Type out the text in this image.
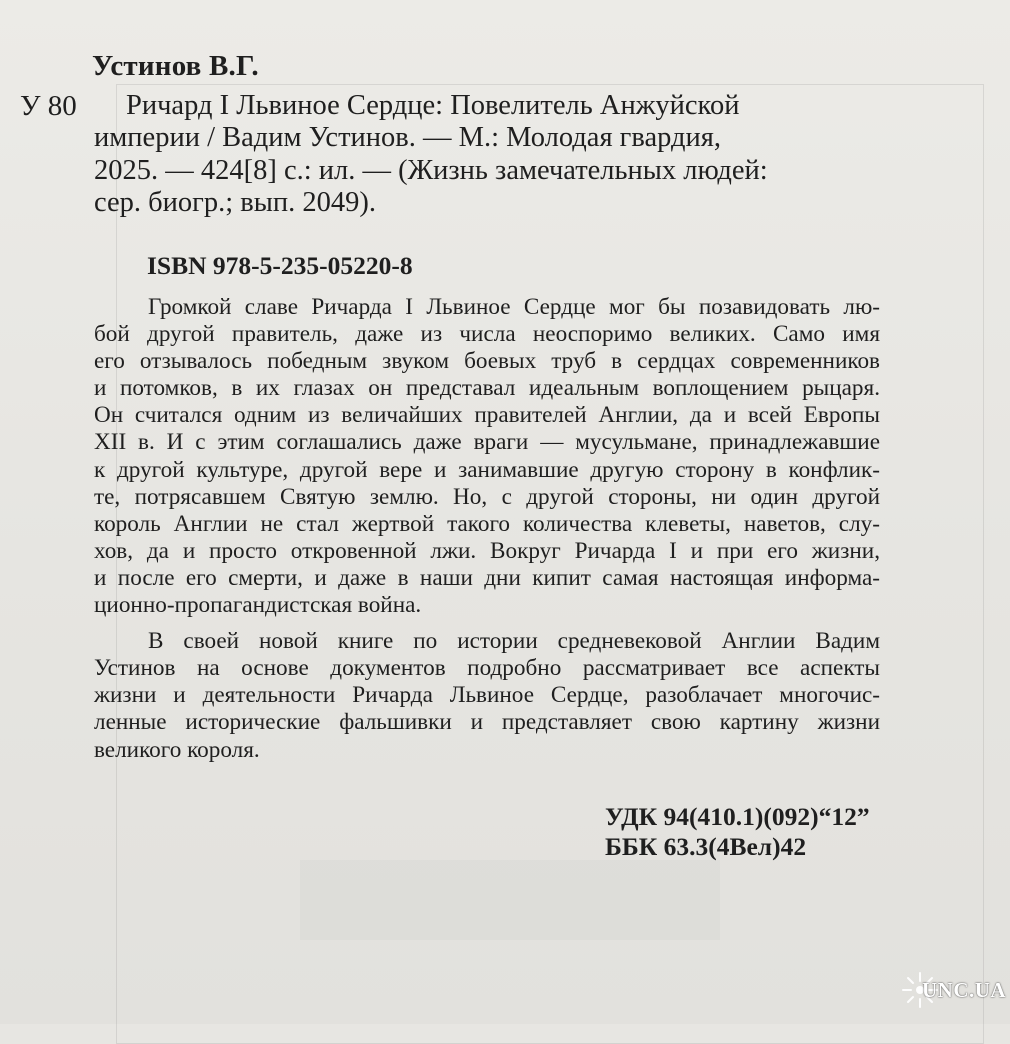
Устинов В.Г.
У 80	Ричард I Львиное Сердце: Повелитель Анжуйской
империи / Вадим Устинов. — М.: Молодая гвардия,
2025. — 424[8] с.: ил. — (Жизнь замечательных людей:
сер. биогр.; вып. 2049).
ISBN 978-5-235-05220-8
Громкой славе Ричарда I Львиное Сердце мог бы позавидовать лю-
бой другой правитель, даже из числа неоспоримо великих. Само имя
его отзывалось победным звуком боевых труб в сердцах современников
и потомков, в их глазах он представал идеальным воплощением рыцаря.
Он считался одним из величайших правителей Англии, да и всей Европы
XII в. И с этим соглашались даже враги — мусульмане, принадлежавшие
к другой культуре, другой вере и занимавшие другую сторону в конфлик-
те, потрясавшем Святую землю. Но, с другой стороны, ни один другой
король Англии не стал жертвой такого количества клеветы, наветов, слу-
хов, да и просто откровенной лжи. Вокруг Ричарда I и при его жизни,
и после его смерти, и даже в наши дни кипит самая настоящая информа-
ционно-пропагандистская война.
В своей новой книге по истории средневековой Англии Вадим
Устинов на основе документов подробно рассматривает все аспекты
жизни и деятельности Ричарда Львиное Сердце, разоблачает многочис-
ленные исторические фальшивки и представляет свою картину жизни
великого короля.
УДК 94(410.1)(092)“12”
ББК 63.3(4Вел)42
UNC.UA
